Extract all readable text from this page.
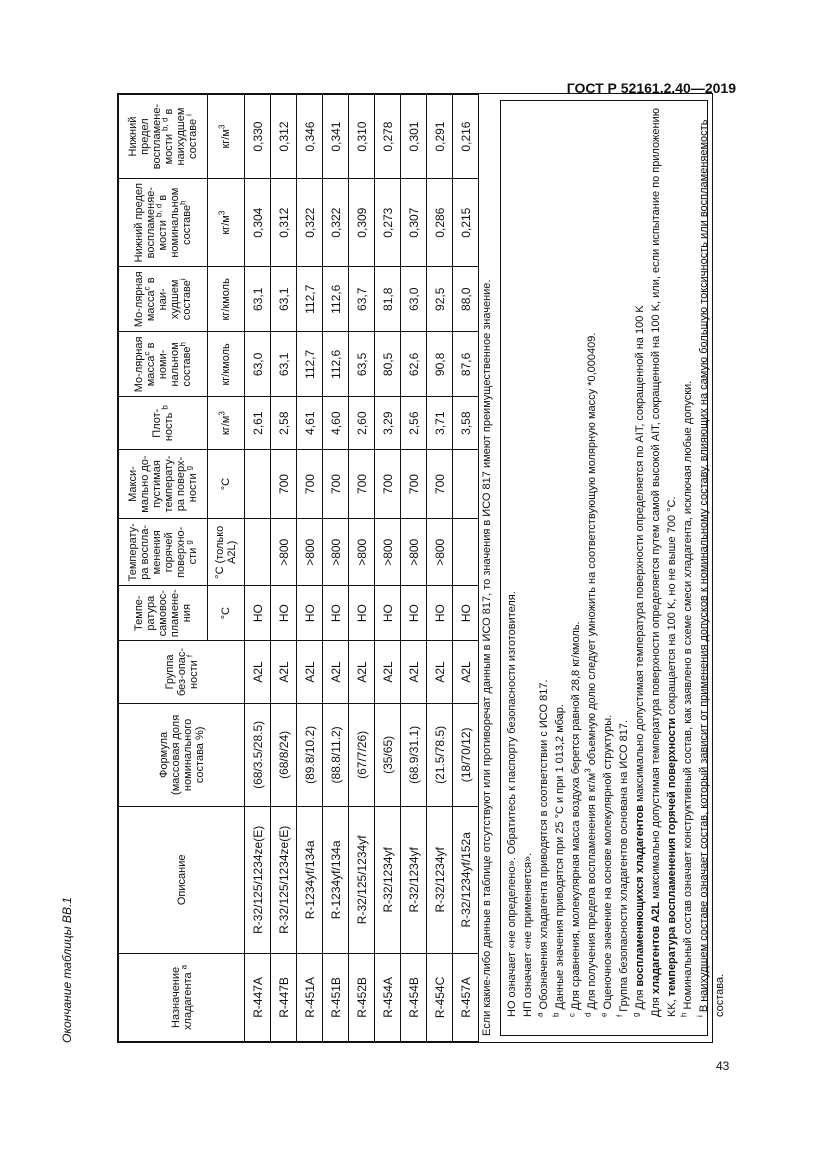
ГОСТ Р 52161.2.40—2019
43
Окончание таблицы ВВ.1	Назначение хладагента $^a$	Описание	Формула (массовая доля номинального состава %)	Группа без-опас-ности $^f$	Темпе-ратура самовос-пламене-ния	Температу-ра воспла-менения горячей поверхно-сти $^g$	Макси-мально до-пустимая температу-ра поверх-ности $^g$	Плот-ность $^b$	Мо-лярная масса$^c$ в номи-нальном составе$^h$	Мо-лярная масса$^c$ в наи-худшем составе$^i$	Нижний предел воспламеняе-мости $^{b, d}$ в номинальном составе$^h$	Нижний предел воспламене-мости $^{b, d}$ в наихудшем составе $^i$
				°С	°С (только A2L)	°С	$кг/м^3$	кг/кмоль	кг/кмоль	$кг/м^3$	$кг/м^3$
R-447A	R-32/125/1234ze(E)	(68/3.5/28.5)	A2L	НО			2,61	63,0	63,1	0,304	0,330
R-447B	R-32/125/1234ze(E)	(68/8/24)	A2L	НО	>800	700	2,58	63,1	63,1	0,312	0,312
R-451A	R-1234yf/134a	(89.8/10.2)	A2L	НО	>800	700	4,61	112,7	112,7	0,322	0,346
R-451B	R-1234yf/134a	(88.8/11.2)	A2L	НО	>800	700	4,60	112,6	112,6	0,322	0,341
R-452B	R-32/125/1234yf	(67/7/26)	A2L	НО	>800	700	2,60	63,5	63,7	0,309	0,310
R-454A	R-32/1234yf	(35/65)	A2L	НО	>800	700	3,29	80,5	81,8	0,273	0,278
R-454B	R-32/1234yf	(68.9/31.1)	A2L	НО	>800	700	2,56	62,6	63,0	0,307	0,301
R-454C	R-32/1234yf	(21.5/78.5)	A2L	НО	>800	700	3,71	90,8	92,5	0,286	0,291
R-457A	R-32/1234yf/152a	(18/70/12)	A2L	НО			3,58	87,6	88,0	0,215	0,216
Если какие-либо данные в таблице отсутствуют или противоречат данным в ИСО 817, то значения в ИСО 817 имеют преимущественное значение. НО означает «не определено». Обратитесь к паспорту безопасности изготовителя. НП означает «не применяется». $^a$ Обозначения хладагента приводятся в соответствии с ИСО 817.

$^b$ Данные значения приводятся при 25 °С и при 1 013,2 мбар.

$^c$ Для сравнения, молекулярная масса воздуха берется равной 28,8 кг/кмоль.

$^d$ Для получения предела воспламенения в $кг/м^3$ объемную долю следует умножить на соответствующую молярную массу *0,000409.

$^e$ Оценочное значение на основе молекулярной структуры.

$^f$ Группа безопасности хладагентов основана на ИСО 817.

$^g$ Для воспламеняющихся хладагентов максимально допустимая температура поверхности определяется по AIT, сокращенной на 100 K

Для хладагентов A2L максимально допустимая температура поверхности определяется путем самой высокой AIT, сокращенной на 100 K, или, если испытание по приложению KK, температура воспламенения горячей поверхности сокращается на 100 K, но не выше 700 °С.

$^h$ Номинальный состав означает конструктивный состав, как заявлено в схеме смеси хладагента, исключая любые допуски.

$^i$ В наихудшем составе означает состав, который зависит от применения допусков к номинальному составу, влияющих на самую большую токсичность или воспламеняемость состава.
